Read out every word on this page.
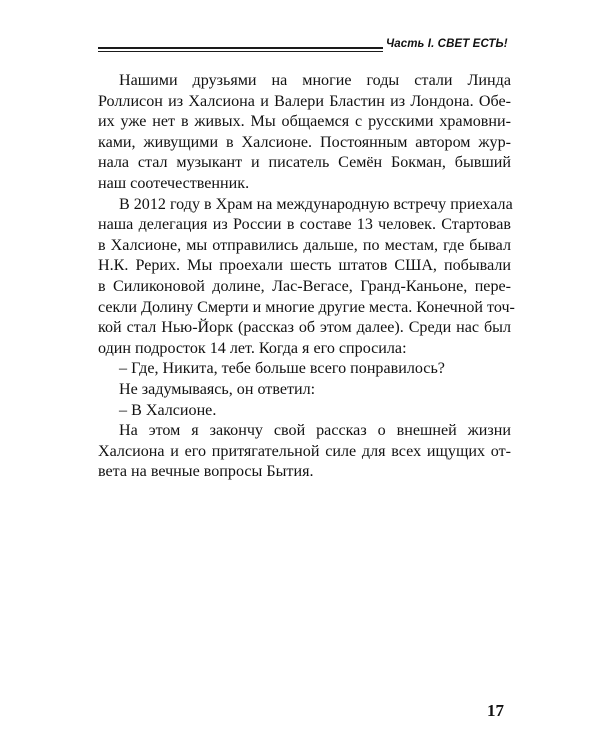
Часть I. СВЕТ ЕСТЬ!

Нашими друзьями на многие годы стали Линда
Роллисон из Халсиона и Валери Бластин из Лондона. Обе-
их уже нет в живых. Мы общаемся с русскими храмовни-
ками, живущими в Халсионе. Постоянным автором жур-
нала стал музыкант и писатель Семён Бокман, бывший
наш соотечественник.

В 2012 году в Храм на международную встречу приехала
наша делегация из России в составе 13 человек. Стартовав
в Халсионе, мы отправились дальше, по местам, где бывал
Н.К. Рерих. Мы проехали шесть штатов США, побывали
в Силиконовой долине, Лас-Вегасе, Гранд-Каньоне, пере-
секли Долину Смерти и многие другие места. Конечной точ-
кой стал Нью-Йорк (рассказ об этом далее). Среди нас был
один подросток 14 лет. Когда я его спросила:

– Где, Никита, тебе больше всего понравилось?

Не задумываясь, он ответил:

– В Халсионе.

На этом я закончу свой рассказ о внешней жизни
Халсиона и его притягательной силе для всех ищущих от-
вета на вечные вопросы Бытия.

17
